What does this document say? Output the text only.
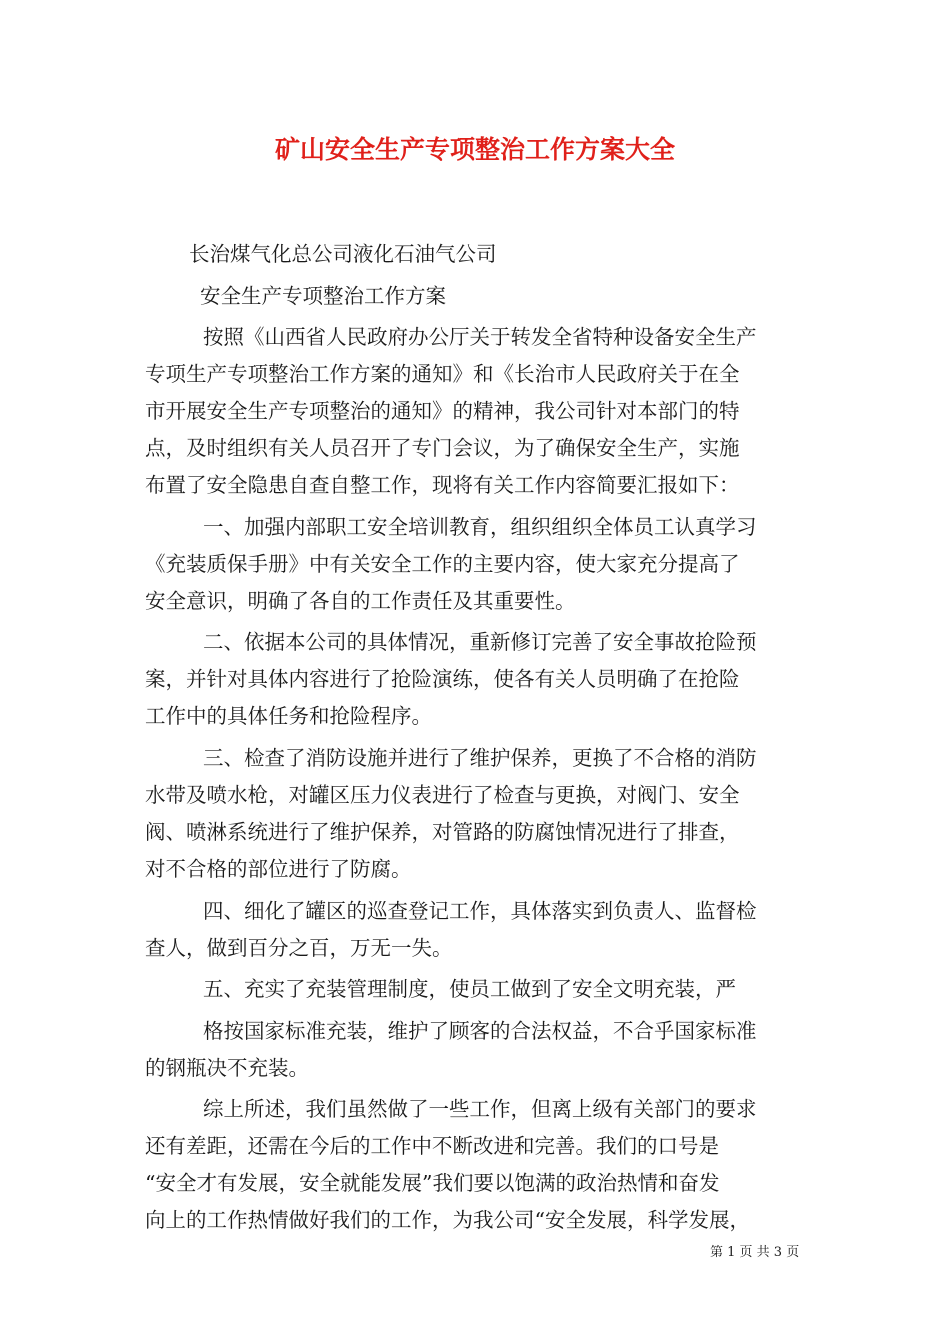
矿山安全生产专项整治工作方案大全
长治煤气化总公司液化石油气公司
安全生产专项整治工作方案
按照《山西省人民政府办公厅关于转发全省特种设备安全生产
专项生产专项整治工作方案的通知》和《长治市人民政府关于在全
市开展安全生产专项整治的通知》的精神，我公司针对本部门的特
点，及时组织有关人员召开了专门会议，为了确保安全生产，实施
布置了安全隐患自查自整工作，现将有关工作内容简要汇报如下：
一、加强内部职工安全培训教育，组织组织全体员工认真学习
《充装质保手册》中有关安全工作的主要内容，使大家充分提高了
安全意识，明确了各自的工作责任及其重要性。
二、依据本公司的具体情况，重新修订完善了安全事故抢险预
案，并针对具体内容进行了抢险演练，使各有关人员明确了在抢险
工作中的具体任务和抢险程序。
三、检查了消防设施并进行了维护保养，更换了不合格的消防
水带及喷水枪，对罐区压力仪表进行了检查与更换，对阀门、安全
阀、喷淋系统进行了维护保养，对管路的防腐蚀情况进行了排查，
对不合格的部位进行了防腐。
四、细化了罐区的巡查登记工作，具体落实到负责人、监督检
查人，做到百分之百，万无一失。
五、充实了充装管理制度，使员工做到了安全文明充装，严
格按国家标准充装，维护了顾客的合法权益，不合乎国家标准
的钢瓶决不充装。
综上所述，我们虽然做了一些工作，但离上级有关部门的要求
还有差距，还需在今后的工作中不断改进和完善。我们的口号是
“安全才有发展，安全就能发展”我们要以饱满的政治热情和奋发
向上的工作热情做好我们的工作，为我公司“安全发展，科学发展，
第 1 页 共 3 页
